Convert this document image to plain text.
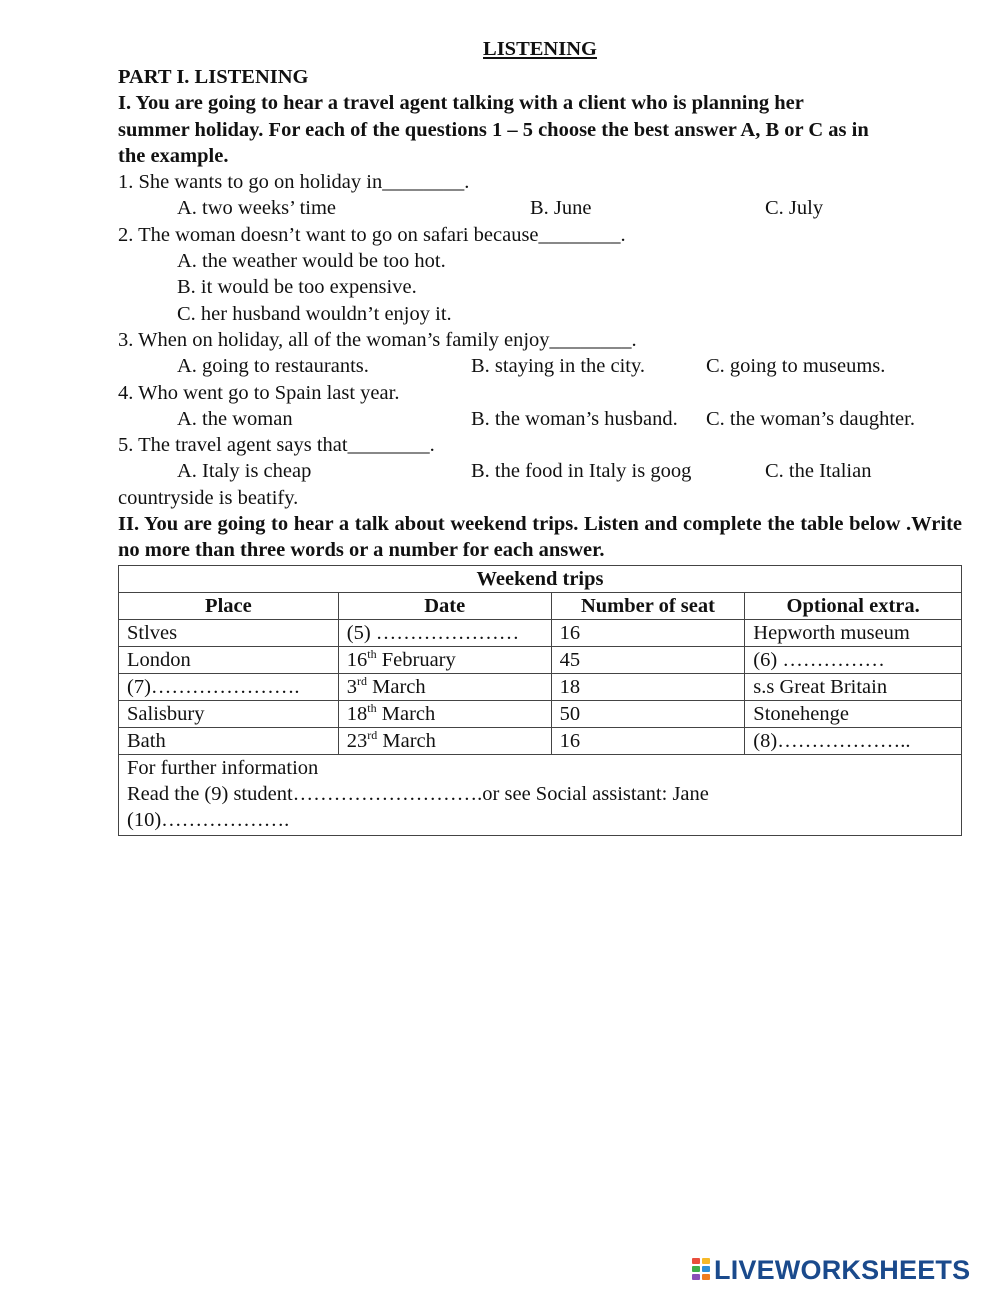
LISTENING
PART I. LISTENING
I. You are going to hear a travel agent talking with a client who is planning her
summer holiday. For each of the questions 1 – 5 choose the best answer A, B or C as in
the example.
1. She wants to go on holiday in________.
A. two weeks’ time	B. June	C. July
2. The woman doesn’t want to go on safari because________.
A. the weather would be too hot.
B. it would be too expensive.
C. her husband wouldn’t enjoy it.
3. When on holiday, all of the woman’s family enjoy________.
A. going to restaurants.	B. staying in the city.	C. going to museums.
4. Who went go to Spain last year.
A. the woman	B. the woman’s husband. C. the woman’s daughter.
5. The travel agent says that________.
A. Italy is cheap	B. the food in Italy is goog	C. the Italian
countryside is beatify.
II. You are going to hear a talk about weekend trips. Listen and complete the table below .Write no more than three words or a number for each answer.
Weekend trips			
Place	Date	Number of seat	Optional extra.
Stlves	(5) …………………	16	Hepworth museum
London	16th February	45	(6) ……………
(7)………………….	3rd March	18	s.s Great Britain
Salisbury	18th March	50	Stonehenge
Bath	23rd March	16	(8)………………..

For further information
Read the (9) student……………………….or see Social assistant: Jane
(10)……………….			
LIVEWORKSHEETS
